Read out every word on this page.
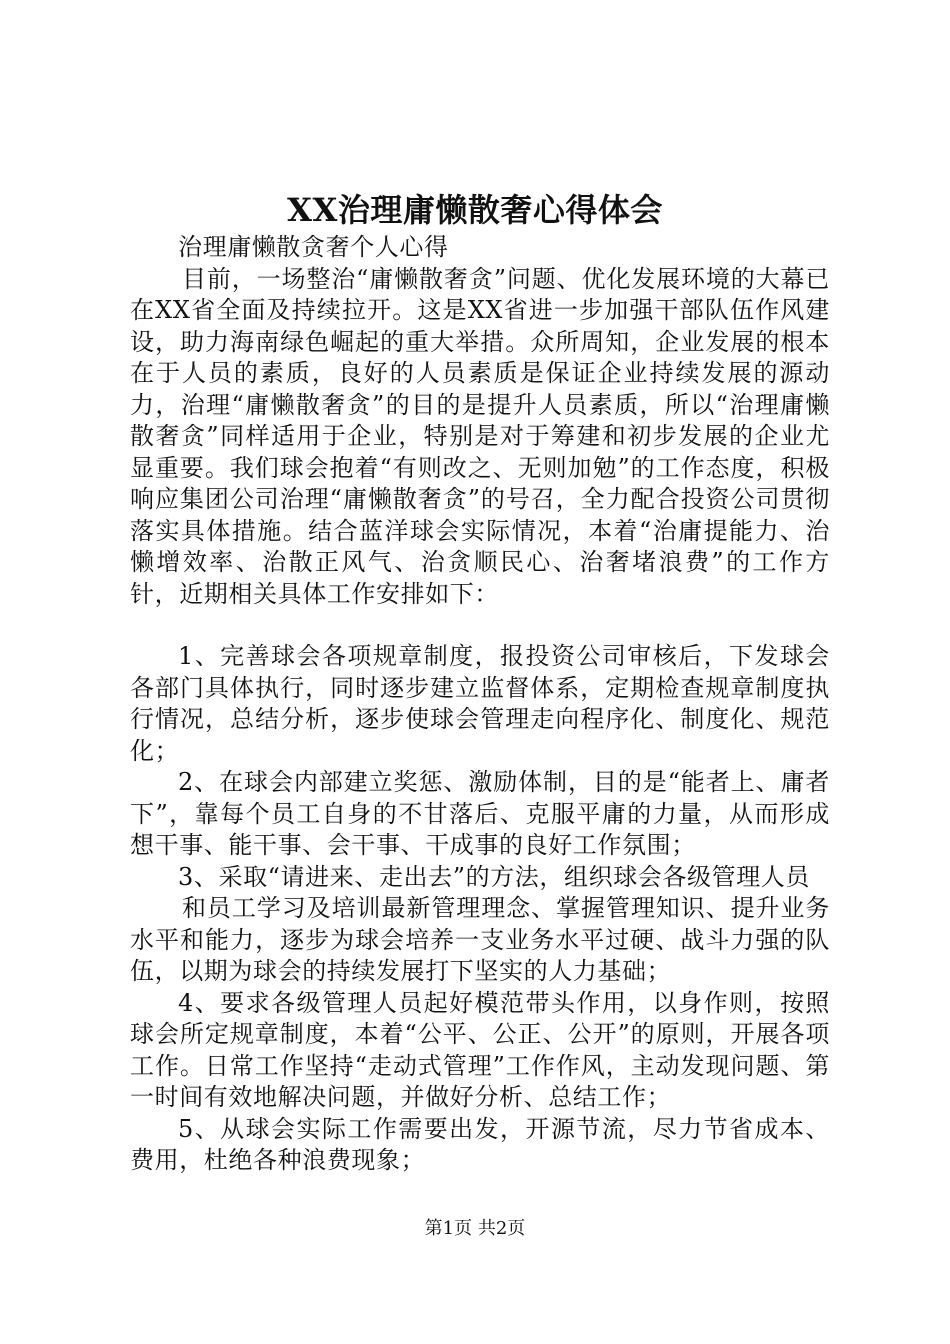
XX治理庸懒散奢心得体会

治理庸懒散贪奢个人心得

目前，一场整治“庸懒散奢贪”问题、优化发展环境的大幕已在XX省全面及持续拉开。这是XX省进一步加强干部队伍作风建设，助力海南绿色崛起的重大举措。众所周知，企业发展的根本在于人员的素质，良好的人员素质是保证企业持续发展的源动力，治理“庸懒散奢贪”的目的是提升人员素质，所以“治理庸懒散奢贪”同样适用于企业，特别是对于筹建和初步发展的企业尤显重要。我们球会抱着“有则改之、无则加勉”的工作态度，积极响应集团公司治理“庸懒散奢贪”的号召，全力配合投资公司贯彻落实具体措施。结合蓝洋球会实际情况，本着“治庸提能力、治懒增效率、治散正风气、治贪顺民心、治奢堵浪费”的工作方针，近期相关具体工作安排如下：

1、完善球会各项规章制度，报投资公司审核后，下发球会各部门具体执行，同时逐步建立监督体系，定期检查规章制度执行情况，总结分析，逐步使球会管理走向程序化、制度化、规范化；

2、在球会内部建立奖惩、激励体制，目的是“能者上、庸者下”，靠每个员工自身的不甘落后、克服平庸的力量，从而形成想干事、能干事、会干事、干成事的良好工作氛围；

3、采取“请进来、走出去”的方法，组织球会各级管理人员

和员工学习及培训最新管理理念、掌握管理知识、提升业务水平和能力，逐步为球会培养一支业务水平过硬、战斗力强的队伍，以期为球会的持续发展打下坚实的人力基础；

4、要求各级管理人员起好模范带头作用，以身作则，按照球会所定规章制度，本着“公平、公正、公开”的原则，开展各项工作。日常工作坚持“走动式管理”工作作风，主动发现问题、第一时间有效地解决问题，并做好分析、总结工作；

5、从球会实际工作需要出发，开源节流，尽力节省成本、费用，杜绝各种浪费现象；

第1页 共2页
